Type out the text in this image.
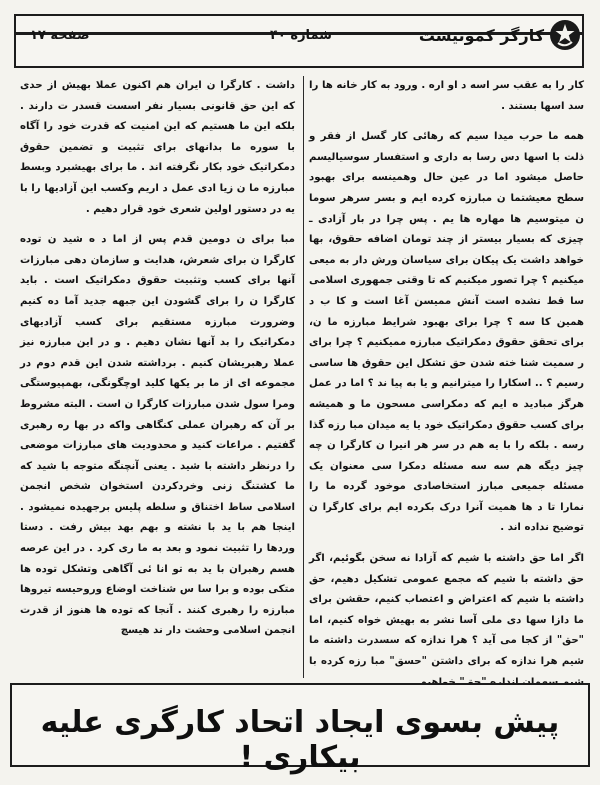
کارگر کمونیست
شماره ۴۰
صفحه ۱۷

کار را به عقب سر اسه د او اره . ورود به کار خانه ها را سد اسها بستند .

همه ما حرب میدا سیم که رهائی کار گسل از فقر و ذلت با اسها دس رسا به داری و استفسار سوسیالیسم حاصل میشود اما در عین حال وهمینسه برای بهبود سطح معیشتما ن مبارزه کرده ایم و بسر سرهر سوما ن میتوسیم ها مهاره ها یم . پس چرا در بار آزادی ـ چیزی که بسیار بیستر از چند تومان اضافه حقوق، بها خواهد داشت یک پیکان برای سیاسان ورش دار به میعی میکنیم ؟ چرا تصور میکنیم که تا وقتی جمهوری اسلامی سا قط نشده است آنش ممیسن آغا است و کا ب د همین کا سه ؟ چرا برای بهبود شرایط مبارزه ما ن، برای تحقق حقوق دمکراتیک مبارزه ممیکنیم ؟ چرا برای ر سمیت شنا خته شدن حق تشکل این حقوق ها ساسی رسیم ؟ .. اسکارا را میترانیم و یا به پیا ند ؟ اما در عمل هرگز مبادید ه ایم که دمکراسی مسحون ما و همیشه برای کسب حقوق دمکراتیک خود یا یه میدان مبا رزه گذا رسه . بلکه را با یه هم در سر هر انیرا ن کارگرا ن چه چیز دیگه هم سه سه مسئله دمکرا سی معنوان یک مسئله جمیعی مبارز استخاصادی موخود گرده ما را نمارا تا د ها همیت آنرا درک بکرده ایم برای کارگرا ن توضیح نداده اند .

اگر اما حق داشته با شیم که آزادا نه سخن بگوئیم، اگر حق داشته با شیم که مجمع عمومی تشکیل دهیم، حق داشته با شیم که اعتراض و اعتصاب کنیم، حقشن برای ما دازا سها دی ملی آسا نشر به بهیش خواه کنیم، اما "حق" از کجا می آید ؟ هرا ندازه که سسدرت داشته ما شیم هرا ندازه که برای داشتن "حسق" مبا رزه کرده با

داشت . کارگرا ن ایران هم اکنون عملا بهیش از حدی که این حق قانونی بسیار نفر اسست قسدر ت دارند . بلکه این ما هستیم که این امنیت که قدرت خود را آگاه با سوره ما بدانهای برای تثبیت و تضمین حقوق دمکراتیک خود بکار نگرفته اند . ما برای بهیشبرد وبسط مبارزه ما ن زیا ادی عمل د اریم وکسب این آزادیها را با یه در دستور اولین شعری خود قرار دهیم .

مبا برای ن دومین قدم پس از اما د ه شید ن توده کارگرا ن برای شعرش، هدایت و سازمان دهی مبارزات آنها برای کسب وتثبیت حقوق دمکراتیک است . باید کارگرا ن را برای گشودن این جبهه جدید آما ده کنیم وضرورت مبارزه مستقیم برای کسب آزادیهای دمکراتیک را بد آنها نشان دهیم . و در این مبارزه نیز عملا رهبریشان کنیم . برداشته شدن این قدم دوم در مجموعه ای از ما بر یکها کلید اوچگونگی، بهمپیوستگی ومرا سول شدن مبارزات کارگرا ن است . البته مشروط بر آن که رهبران عملی کنگاهی واکه در بها ره رهبری گفتیم . مراعات کنید و محدودیت های مبارزات موضعی را درنظر داشته با شید . یعنی آنچنگه متوجه با شید که ما کشتنگ زنی وخردکردن استخوان شخص انجمن اسلامی ساط اختناق و سلطه پلیس برجهیده نمیشود . اینجا هم با ید با نشته و بهم بهد بیش رفت . دستا وردها را تثبیت نمود و بعد به ما ری کرد . در این عرصه هسم رهبران با ید به تو انا ئی آگاهی وتشکل توده ها متکی بوده و برا سا س شناخت اوضاع وروحیسه تیروها مبارزه را رهبری کنند . آنجا که توده ها هنوز از قدرت انجمن اسلامی وحشت دار ند هیسچ

پیش بسوی ایجاد اتحاد کارگری علیه بیکاری !
